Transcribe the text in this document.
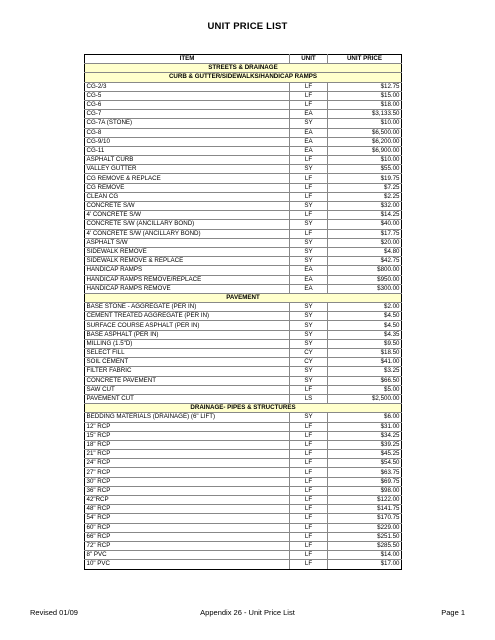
UNIT PRICE LIST
ITEM	UNIT	UNIT PRICE
STREETS & DRAINAGE		
CURB & GUTTER/SIDEWALKS/HANDICAP RAMPS		
CG-2/3	LF	$12.75
CG-5	LF	$15.00
CG-6	LF	$18.00
CG-7	EA	$3,133.50
CG-7A (STONE)	SY	$10.00
CG-8	EA	$6,500.00
CG-9/10	EA	$6,200.00
CG-11	EA	$6,900.00
ASPHALT CURB	LF	$10.00
VALLEY GUTTER	SY	$55.00
CG REMOVE & REPLACE	LF	$19.75
CG REMOVE	LF	$7.25
CLEAN CG	LF	$2.25
CONCRETE S/W	SY	$32.00
4' CONCRETE S/W	LF	$14.25
CONCRETE S/W (ANCILLARY BOND)	SY	$40.00
4' CONCRETE S/W (ANCILLARY BOND)	LF	$17.75
ASPHALT S/W	SY	$20.00
SIDEWALK REMOVE	SY	$4.80
SIDEWALK REMOVE & REPLACE	SY	$42.75
HANDICAP RAMPS	EA	$800.00
HANDICAP RAMPS REMOVE/REPLACE	EA	$950.00
HANDICAP RAMPS REMOVE	EA	$300.00
PAVEMENT		
BASE STONE - AGGREGATE (PER IN)	SY	$2.00
CEMENT TREATED AGGREGATE (PER IN)	SY	$4.50
SURFACE COURSE ASPHALT (PER IN)	SY	$4.50
BASE ASPHALT (PER IN)	SY	$4.35
MILLING (1.5"D)	SY	$9.50
SELECT FILL	CY	$18.50
SOIL CEMENT	CY	$41.00
FILTER FABRIC	SY	$3.25
CONCRETE PAVEMENT	SY	$66.50
SAW CUT	LF	$5.00
PAVEMENT CUT	LS	$2,500.00
DRAINAGE- PIPES & STRUCTURES		
BEDDING MATERIALS (DRAINAGE) (6" LIFT)	SY	$6.00
12" RCP	LF	$31.00
15" RCP	LF	$34.25
18" RCP	LF	$39.25
21" RCP	LF	$45.25
24" RCP	LF	$54.50
27" RCP	LF	$63.75
30" RCP	LF	$69.75
36" RCP	LF	$98.00
42"RCP	LF	$122.00
48" RCP	LF	$141.75
54" RCP	LF	$170.75
60" RCP	LF	$229.00
66" RCP	LF	$251.50
72" RCP	LF	$285.50
8" PVC	LF	$14.00
10" PVC	LF	$17.00
Revised 01/09	Appendix 26 - Unit Price List	Page 1
